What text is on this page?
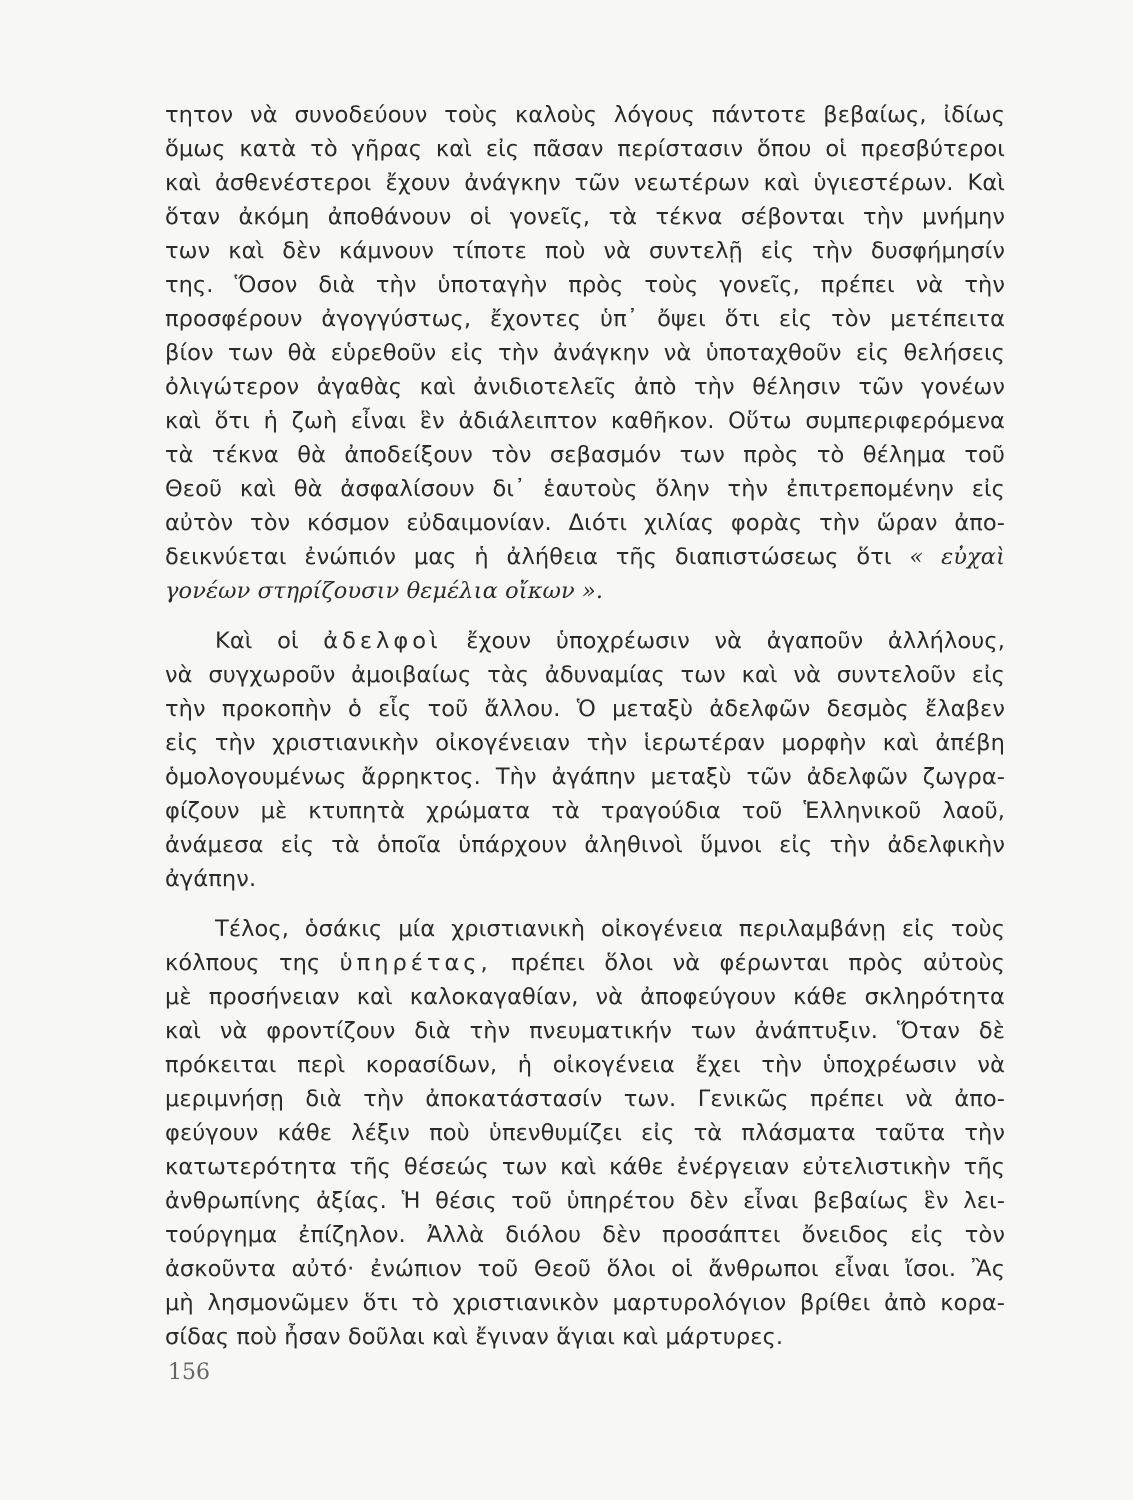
τητον νὰ συνοδεύουν τοὺς καλοὺς λόγους πάντοτε βεβαίως, ἰδίως
ὅμως κατὰ τὸ γῆρας καὶ εἰς πᾶσαν περίστασιν ὅπου οἱ πρεσβύτεροι
καὶ ἀσθενέστεροι ἔχουν ἀνάγκην τῶν νεωτέρων καὶ ὑγιεστέρων. Καὶ
ὅταν ἀκόμη ἀποθάνουν οἱ γονεῖς, τὰ τέκνα σέβονται τὴν μνήμην
των καὶ δὲν κάμνουν τίποτε ποὺ νὰ συντελῇ εἰς τὴν δυσφήμησίν
της. Ὅσον διὰ τὴν ὑποταγὴν πρὸς τοὺς γονεῖς, πρέπει νὰ τὴν
προσφέρουν ἀγογγύστως, ἔχοντες ὑπ᾽ ὄψει ὅτι εἰς τὸν μετέπειτα
βίον των θὰ εὑρεθοῦν εἰς τὴν ἀνάγκην νὰ ὑποταχθοῦν εἰς θελήσεις
ὀλιγώτερον ἀγαθὰς καὶ ἀνιδιοτελεῖς ἀπὸ τὴν θέλησιν τῶν γονέων
καὶ ὅτι ἡ ζωὴ εἶναι ἓν ἀδιάλειπτον καθῆκον. Οὕτω συμπεριφερόμενα
τὰ τέκνα θὰ ἀποδείξουν τὸν σεβασμόν των πρὸς τὸ θέλημα τοῦ
Θεοῦ καὶ θὰ ἀσφαλίσουν δι᾽ ἑαυτοὺς ὅλην τὴν ἐπιτρεπομένην εἰς
αὐτὸν τὸν κόσμον εὐδαιμονίαν. Διότι χιλίας φορὰς τὴν ὥραν ἀπο-
δεικνύεται ἐνώπιόν μας ἡ ἀλήθεια τῆς διαπιστώσεως ὅτι « εὐχαὶ
γονέων στηρίζουσιν θεμέλια οἴκων ».
Καὶ οἱ ἀδελφοὶ ἔχουν ὑποχρέωσιν νὰ ἀγαποῦν ἀλλήλους,
νὰ συγχωροῦν ἀμοιβαίως τὰς ἀδυναμίας των καὶ νὰ συντελοῦν εἰς
τὴν προκοπὴν ὁ εἷς τοῦ ἄλλου. Ὁ μεταξὺ ἀδελφῶν δεσμὸς ἔλαβεν
εἰς τὴν χριστιανικὴν οἰκογένειαν τὴν ἱερωτέραν μορφὴν καὶ ἀπέβη
ὁμολογουμένως ἄρρηκτος. Τὴν ἀγάπην μεταξὺ τῶν ἀδελφῶν ζωγρα-
φίζουν μὲ κτυπητὰ χρώματα τὰ τραγούδια τοῦ Ἑλληνικοῦ λαοῦ,
ἀνάμεσα εἰς τὰ ὁποῖα ὑπάρχουν ἀληθινοὶ ὕμνοι εἰς τὴν ἀδελφικὴν
ἀγάπην.
Τέλος, ὁσάκις μία χριστιανικὴ οἰκογένεια περιλαμβάνῃ εἰς τοὺς
κόλπους της ὑπηρέτας, πρέπει ὅλοι νὰ φέρωνται πρὸς αὐτοὺς
μὲ προσήνειαν καὶ καλοκαγαθίαν, νὰ ἀποφεύγουν κάθε σκληρότητα
καὶ νὰ φροντίζουν διὰ τὴν πνευματικήν των ἀνάπτυξιν. Ὅταν δὲ
πρόκειται περὶ κορασίδων, ἡ οἰκογένεια ἔχει τὴν ὑποχρέωσιν νὰ
μεριμνήσῃ διὰ τὴν ἀποκατάστασίν των. Γενικῶς πρέπει νὰ ἀπο-
φεύγουν κάθε λέξιν ποὺ ὑπενθυμίζει εἰς τὰ πλάσματα ταῦτα τὴν
κατωτερότητα τῆς θέσεώς των καὶ κάθε ἐνέργειαν εὐτελιστικὴν τῆς
ἀνθρωπίνης ἀξίας. Ἡ θέσις τοῦ ὑπηρέτου δὲν εἶναι βεβαίως ἓν λει-
τούργημα ἐπίζηλον. Ἀλλὰ διόλου δὲν προσάπτει ὄνειδος εἰς τὸν
ἀσκοῦντα αὐτό· ἐνώπιον τοῦ Θεοῦ ὅλοι οἱ ἄνθρωποι εἶναι ἴσοι. Ἂς
μὴ λησμονῶμεν ὅτι τὸ χριστιανικὸν μαρτυρολόγιον βρίθει ἀπὸ κορα-
σίδας ποὺ ἦσαν δοῦλαι καὶ ἔγιναν ἅγιαι καὶ μάρτυρες.
156
